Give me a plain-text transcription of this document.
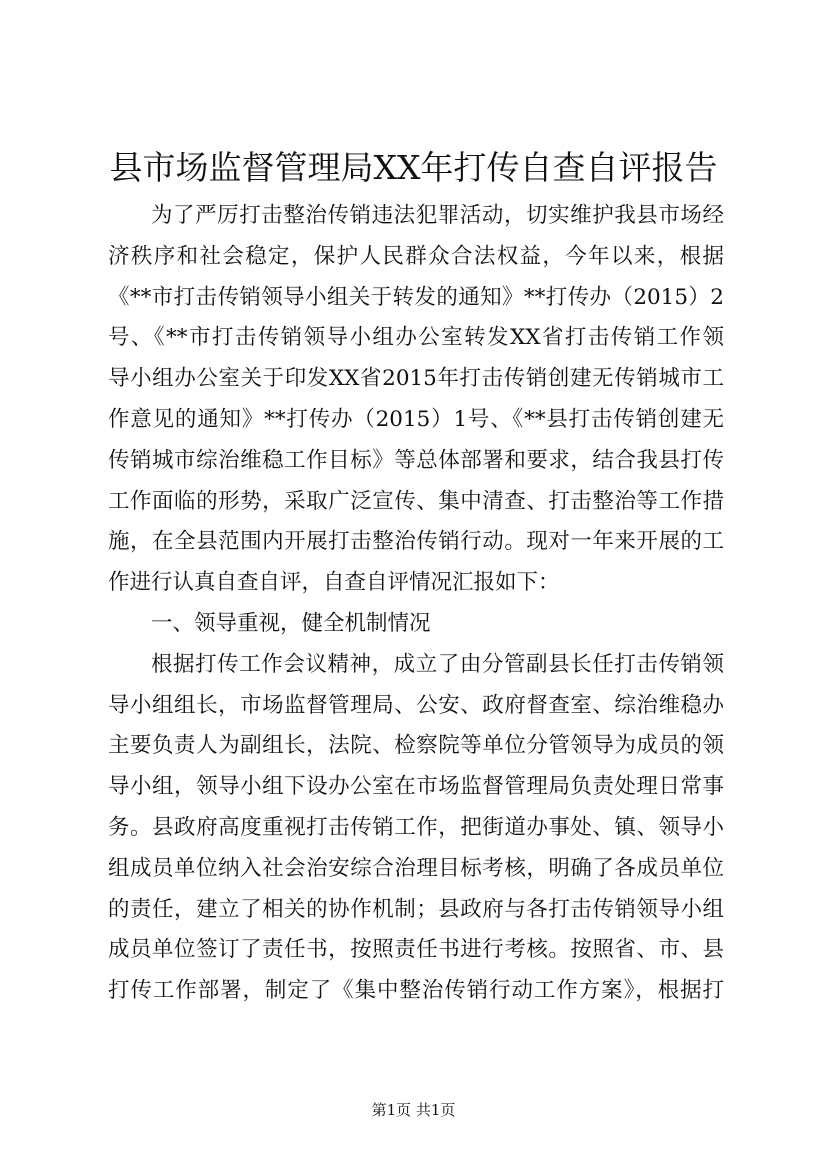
县市场监督管理局XX年打传自查自评报告
为了严厉打击整治传销违法犯罪活动，切实维护我县市场经
济秩序和社会稳定，保护人民群众合法权益，今年以来，根据
《**市打击传销领导小组关于转发的通知》**打传办（2015）2
号、《**市打击传销领导小组办公室转发XX省打击传销工作领
导小组办公室关于印发XX省2015年打击传销创建无传销城市工
作意见的通知》**打传办（2015）1号、《**县打击传销创建无
传销城市综治维稳工作目标》等总体部署和要求，结合我县打传
工作面临的形势，采取广泛宣传、集中清查、打击整治等工作措
施，在全县范围内开展打击整治传销行动。现对一年来开展的工
作进行认真自查自评，自查自评情况汇报如下：
一、领导重视，健全机制情况
根据打传工作会议精神，成立了由分管副县长任打击传销领
导小组组长，市场监督管理局、公安、政府督查室、综治维稳办
主要负责人为副组长，法院、检察院等单位分管领导为成员的领
导小组，领导小组下设办公室在市场监督管理局负责处理日常事
务。县政府高度重视打击传销工作，把街道办事处、镇、领导小
组成员单位纳入社会治安综合治理目标考核，明确了各成员单位
的责任，建立了相关的协作机制；县政府与各打击传销领导小组
成员单位签订了责任书，按照责任书进行考核。按照省、市、县
打传工作部署，制定了《集中整治传销行动工作方案》，根据打
第1页 共1页
